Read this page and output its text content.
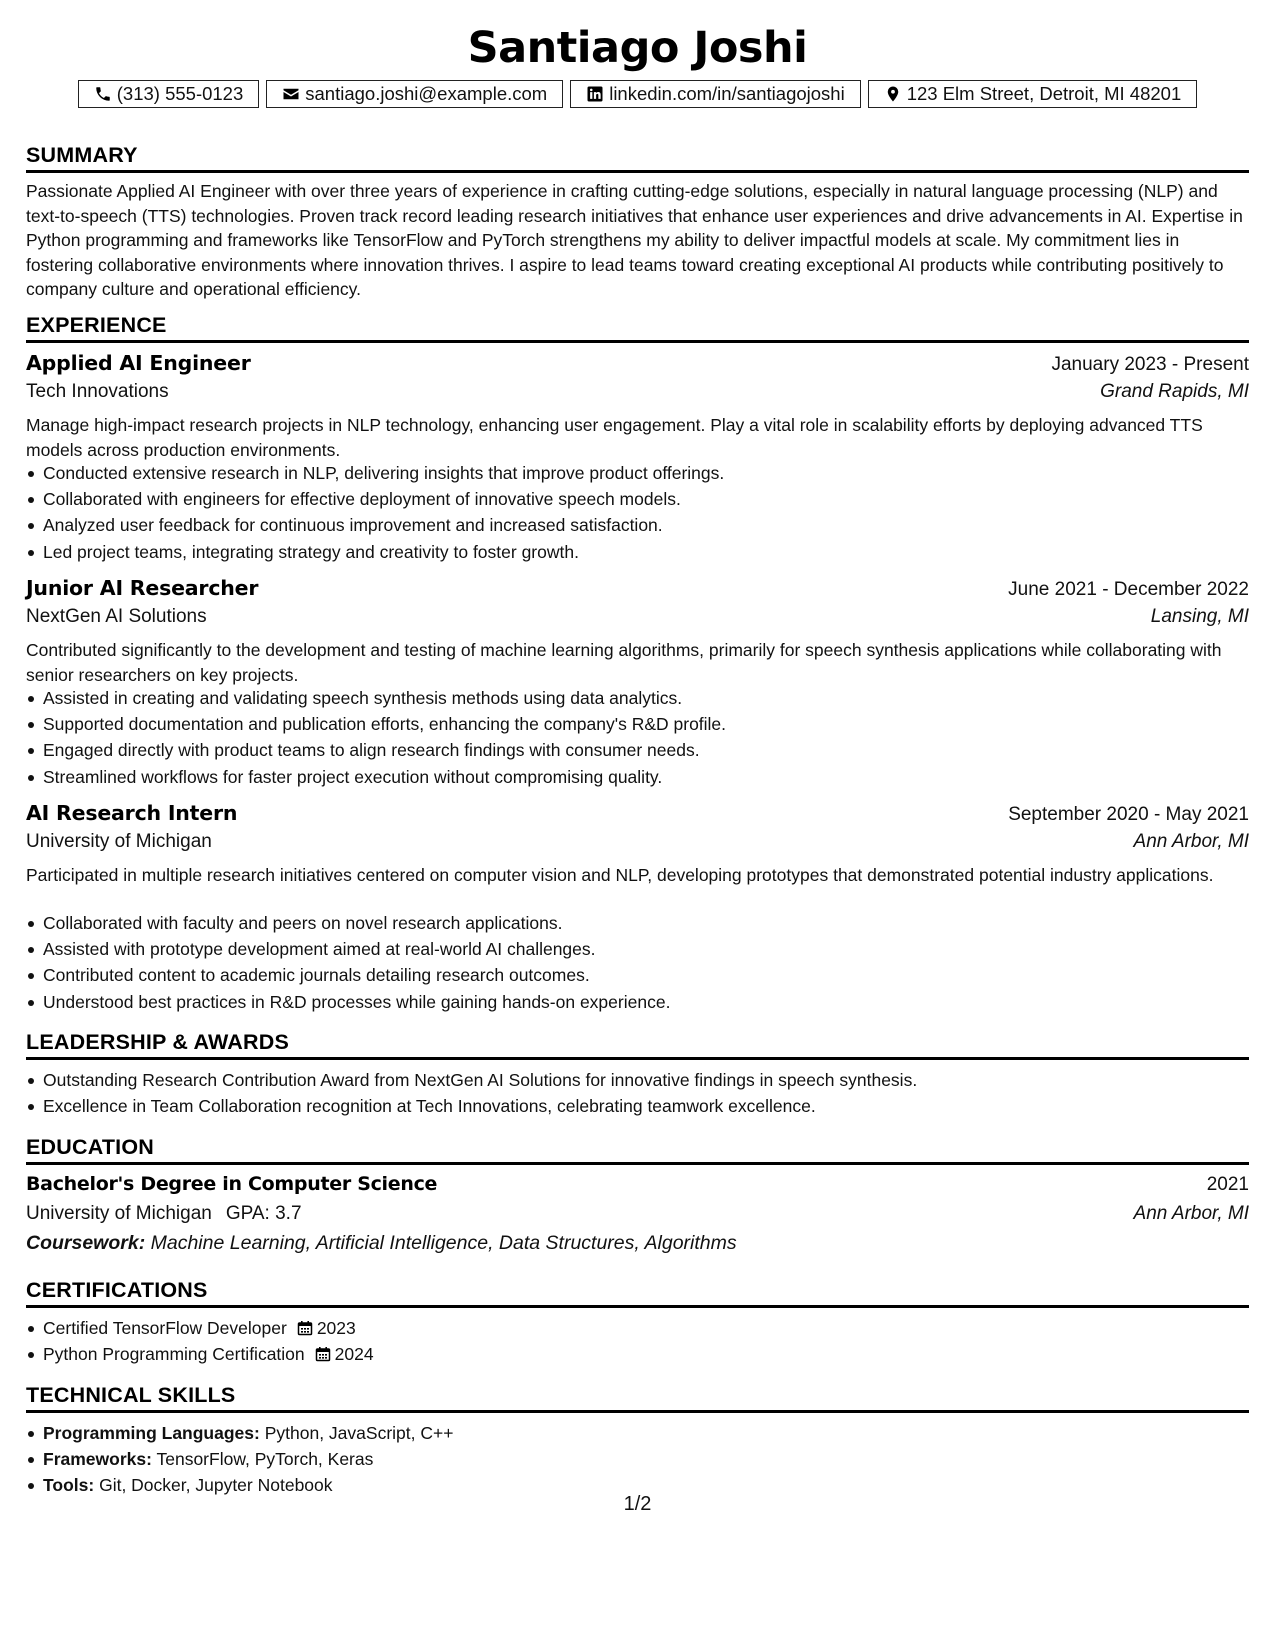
Santiago Joshi
(313) 555-0123	santiago.joshi@example.com	linkedin.com/in/santiagojoshi	123 Elm Street, Detroit, MI 48201
SUMMARY
Passionate Applied AI Engineer with over three years of experience in crafting cutting-edge solutions, especially in natural language processing (NLP) and text-to-speech (TTS) technologies. Proven track record leading research initiatives that enhance user experiences and drive advancements in AI. Expertise in Python programming and frameworks like TensorFlow and PyTorch strengthens my ability to deliver impactful models at scale. My commitment lies in fostering collaborative environments where innovation thrives. I aspire to lead teams toward creating exceptional AI products while contributing positively to company culture and operational efficiency.
EXPERIENCE
Applied AI Engineer	January 2023 - Present
Tech Innovations	Grand Rapids, MI
Manage high-impact research projects in NLP technology, enhancing user engagement. Play a vital role in scalability efforts by deploying advanced TTS models across production environments.
Conducted extensive research in NLP, delivering insights that improve product offerings.
Collaborated with engineers for effective deployment of innovative speech models.
Analyzed user feedback for continuous improvement and increased satisfaction.
Led project teams, integrating strategy and creativity to foster growth.
Junior AI Researcher	June 2021 - December 2022
NextGen AI Solutions	Lansing, MI
Contributed significantly to the development and testing of machine learning algorithms, primarily for speech synthesis applications while collaborating with senior researchers on key projects.
Assisted in creating and validating speech synthesis methods using data analytics.
Supported documentation and publication efforts, enhancing the company's R&D profile.
Engaged directly with product teams to align research findings with consumer needs.
Streamlined workflows for faster project execution without compromising quality.
AI Research Intern	September 2020 - May 2021
University of Michigan	Ann Arbor, MI
Participated in multiple research initiatives centered on computer vision and NLP, developing prototypes that demonstrated potential industry applications.
Collaborated with faculty and peers on novel research applications.
Assisted with prototype development aimed at real-world AI challenges.
Contributed content to academic journals detailing research outcomes.
Understood best practices in R&D processes while gaining hands-on experience.
LEADERSHIP & AWARDS
Outstanding Research Contribution Award from NextGen AI Solutions for innovative findings in speech synthesis.
Excellence in Team Collaboration recognition at Tech Innovations, celebrating teamwork excellence.
EDUCATION
Bachelor's Degree in Computer Science	2021
University of Michigan GPA: 3.7	Ann Arbor, MI
Coursework: Machine Learning, Artificial Intelligence, Data Structures, Algorithms
CERTIFICATIONS
Certified TensorFlow Developer 2023
Python Programming Certification 2024
TECHNICAL SKILLS
Programming Languages: Python, JavaScript, C++
Frameworks: TensorFlow, PyTorch, Keras
Tools: Git, Docker, Jupyter Notebook
1/2
